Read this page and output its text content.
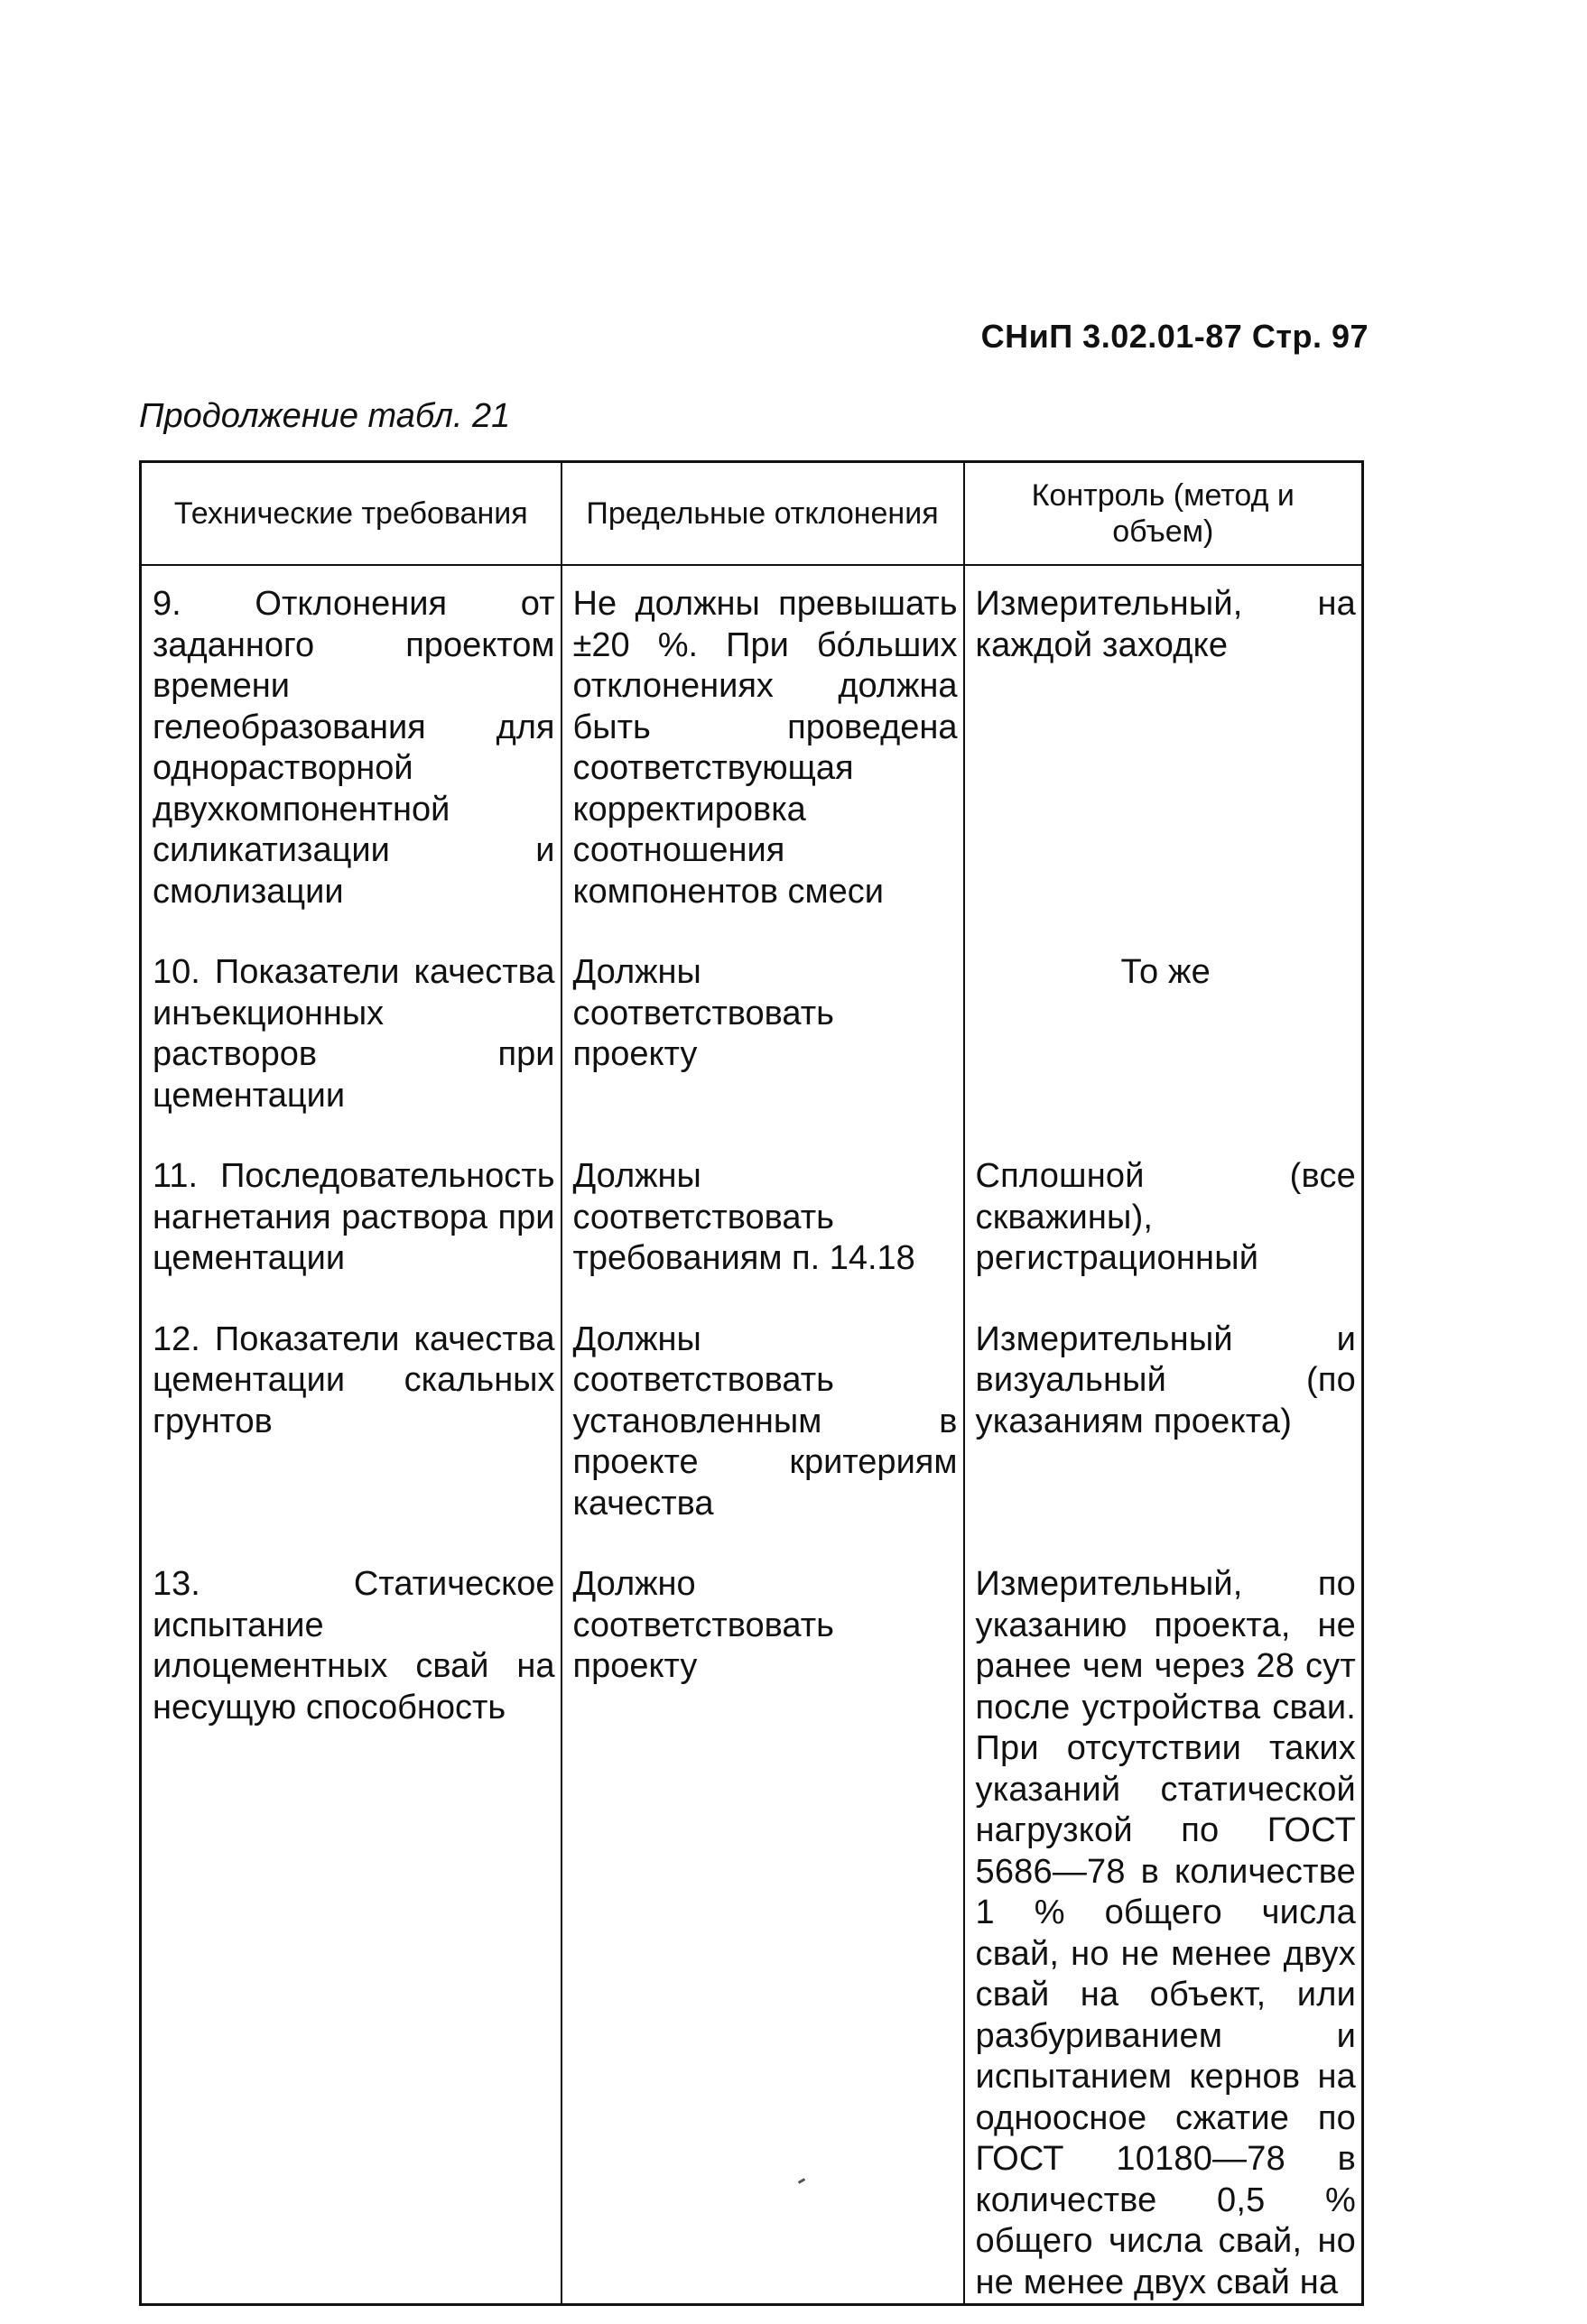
СНиП 3.02.01-87 Стр. 97
Продолжение табл. 21
Технические требования	Предельные отклонения	Контроль (метод и объем)

9. Отклонения от заданного проектом времени гелеобразования для однорастворной двухкомпонентной силикатизации и смолизации	Не должны превышать ±20 %. При бо́льших отклонениях должна быть проведена соответствующая корректировка соотношения компонентов смеси	Измерительный, на каждой заходке

10. Показатели качества инъекционных растворов при цементации	Должны соответствовать проекту	То же

11. Последовательность нагнетания раствора при цементации	Должны соответствовать требованиям п. 14.18	Сплошной (все скважины), регистрационный

12. Показатели качества цементации скальных грунтов	Должны соответствовать установленным в проекте критериям качества	Измерительный и визуальный (по указаниям проекта)

13. Статическое испытание илоцементных свай на несущую способность	Должно соответствовать проекту	Измерительный, по указанию проекта, не ранее чем через 28 сут после устройства сваи. При отсутствии таких указаний статической нагрузкой по ГОСТ 5686—78 в количестве 1 % общего числа свай, но не менее двух свай на объект, или разбуриванием и испытанием кернов на одноосное сжатие по ГОСТ 10180—78 в количестве 0,5 % общего числа свай, но не менее двух свай на
